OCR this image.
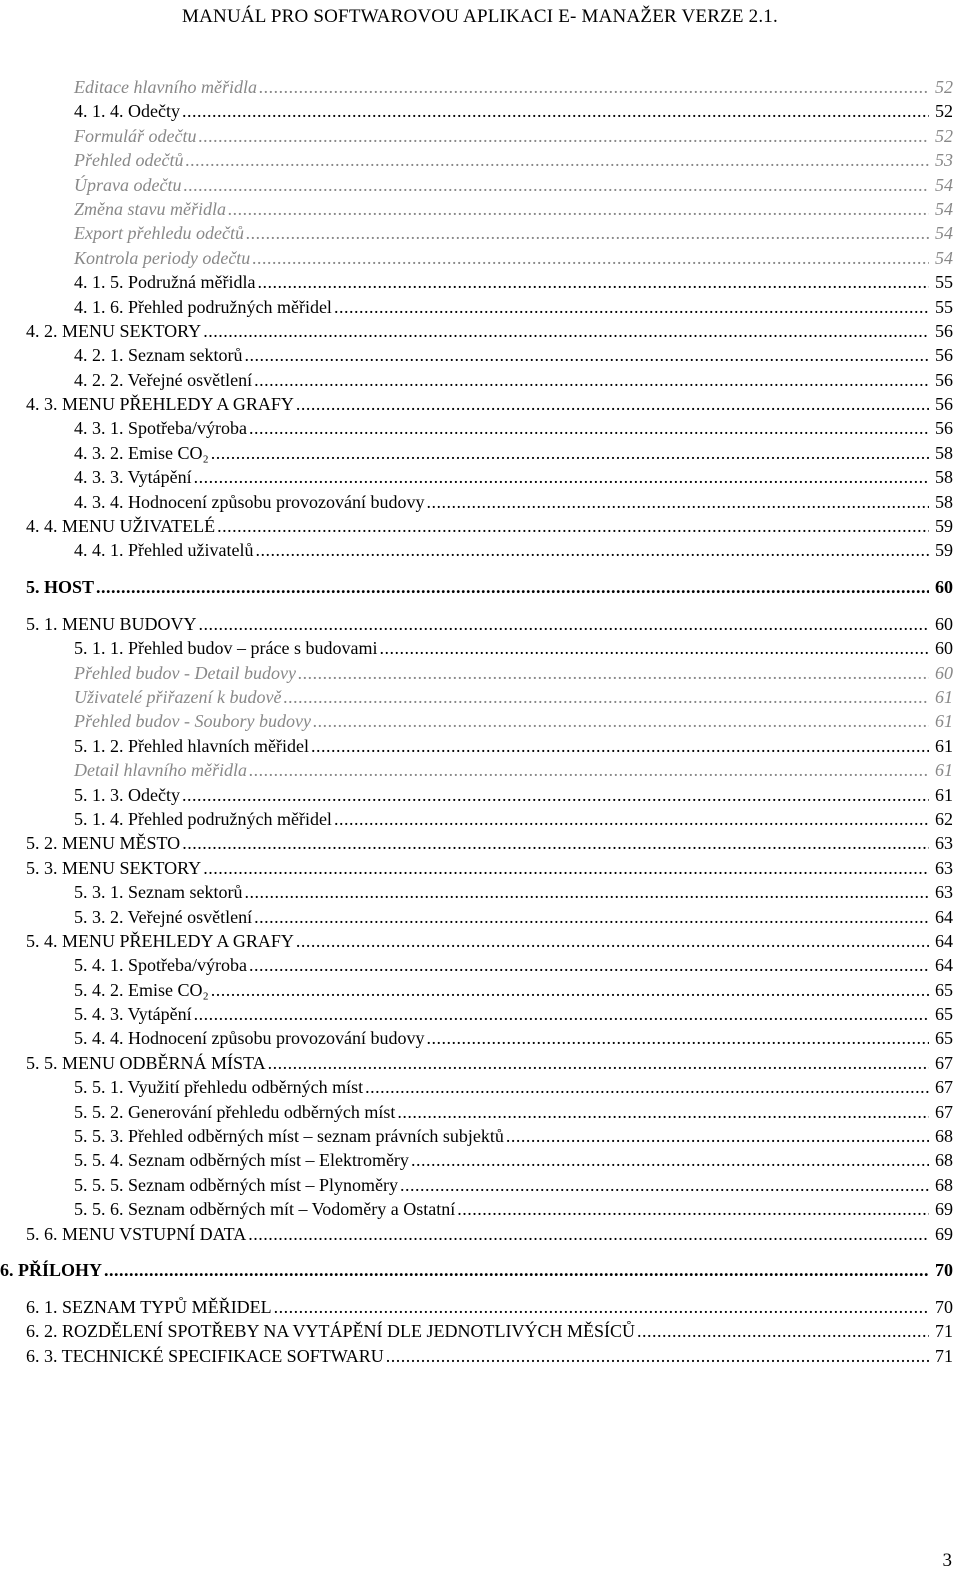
MANUÁL PRO SOFTWAROVOU APLIKACI E- MANAŽER VERZE 2.1.
Editace hlavního měřidla .....	52
4. 1. 4. Odečty .....	52
Formulář odečtu .....	52
Přehled odečtů .....	53
Úprava odečtu .....	54
Změna stavu měřidla .....	54
Export přehledu odečtů .....	54
Kontrola periody odečtu .....	54
4. 1. 5. Podružná měřidla .....	55
4. 1. 6. Přehled podružných měřidel .....	55
4. 2. MENU SEKTORY .....	56
4. 2. 1. Seznam sektorů .....	56
4. 2. 2. Veřejné osvětlení .....	56
4. 3. MENU PŘEHLEDY A GRAFY .....	56
4. 3. 1. Spotřeba/výroba .....	56
4. 3. 2. Emise CO₂ .....	58
4. 3. 3. Vytápění .....	58
4. 3. 4. Hodnocení způsobu provozování budovy .....	58
4. 4. MENU UŽIVATELÉ .....	59
4. 4. 1. Přehled uživatelů .....	59
5. HOST .....	60
5. 1. MENU BUDOVY .....	60
5. 1. 1. Přehled budov – práce s budovami .....	60
Přehled budov - Detail budovy .....	60
Uživatelé přiřazení k budově .....	61
Přehled budov - Soubory budovy .....	61
5. 1. 2. Přehled hlavních měřidel .....	61
Detail hlavního měřidla .....	61
5. 1. 3. Odečty .....	61
5. 1. 4. Přehled podružných měřidel .....	62
5. 2. MENU MĚSTO .....	63
5. 3. MENU SEKTORY .....	63
5. 3. 1. Seznam sektorů .....	63
5. 3. 2. Veřejné osvětlení .....	64
5. 4. MENU PŘEHLEDY A GRAFY .....	64
5. 4. 1. Spotřeba/výroba .....	64
5. 4. 2. Emise CO₂ .....	65
5. 4. 3. Vytápění .....	65
5. 4. 4. Hodnocení způsobu provozování budovy .....	65
5. 5. MENU ODBĚRNÁ MÍSTA .....	67
5. 5. 1. Využití přehledu odběrných míst .....	67
5. 5. 2. Generování přehledu odběrných míst .....	67
5. 5. 3. Přehled odběrných míst – seznam právních subjektů .....	68
5. 5. 4. Seznam odběrných míst – Elektroměry .....	68
5. 5. 5. Seznam odběrných míst – Plynoměry .....	68
5. 5. 6. Seznam odběrných mít – Vodoměry a Ostatní .....	69
5. 6. MENU VSTUPNÍ DATA .....	69
6. PŘÍLOHY .....	70
6. 1. SEZNAM TYPŮ MĚŘIDEL .....	70
6. 2. ROZDĚLENÍ SPOTŘEBY NA VYTÁPĚNÍ DLE JEDNOTLIVÝCH MĚSÍCŮ .....	71
6. 3. TECHNICKÉ SPECIFIKACE SOFTWARU .....	71
3
